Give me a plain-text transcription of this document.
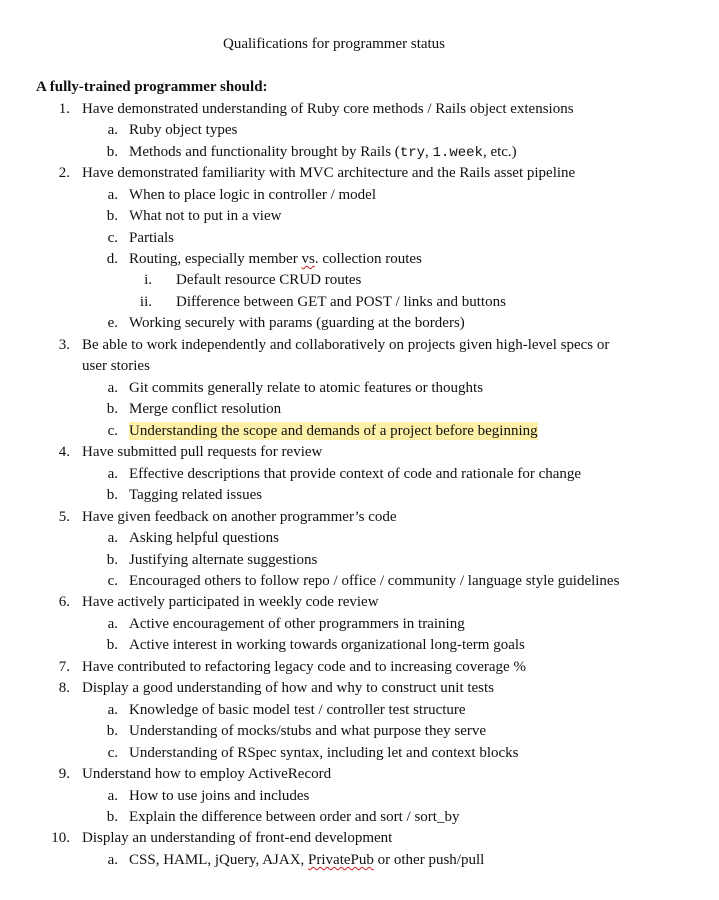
Qualifications for programmer status
A fully-trained programmer should:
1. Have demonstrated understanding of Ruby core methods / Rails object extensions
a. Ruby object types
b. Methods and functionality brought by Rails (try, 1.week, etc.)
2. Have demonstrated familiarity with MVC architecture and the Rails asset pipeline
a. When to place logic in controller / model
b. What not to put in a view
c. Partials
d. Routing, especially member vs. collection routes
i. Default resource CRUD routes
ii. Difference between GET and POST / links and buttons
e. Working securely with params (guarding at the borders)
3. Be able to work independently and collaboratively on projects given high-level specs or
user stories
a. Git commits generally relate to atomic features or thoughts
b. Merge conflict resolution
c. Understanding the scope and demands of a project before beginning
4. Have submitted pull requests for review
a. Effective descriptions that provide context of code and rationale for change
b. Tagging related issues
5. Have given feedback on another programmer’s code
a. Asking helpful questions
b. Justifying alternate suggestions
c. Encouraged others to follow repo / office / community / language style guidelines
6. Have actively participated in weekly code review
a. Active encouragement of other programmers in training
b. Active interest in working towards organizational long-term goals
7. Have contributed to refactoring legacy code and to increasing coverage %
8. Display a good understanding of how and why to construct unit tests
a. Knowledge of basic model test / controller test structure
b. Understanding of mocks/stubs and what purpose they serve
c. Understanding of RSpec syntax, including let and context blocks
9. Understand how to employ ActiveRecord
a. How to use joins and includes
b. Explain the difference between order and sort / sort_by
10. Display an understanding of front-end development
a. CSS, HAML, jQuery, AJAX, PrivatePub or other push/pull
